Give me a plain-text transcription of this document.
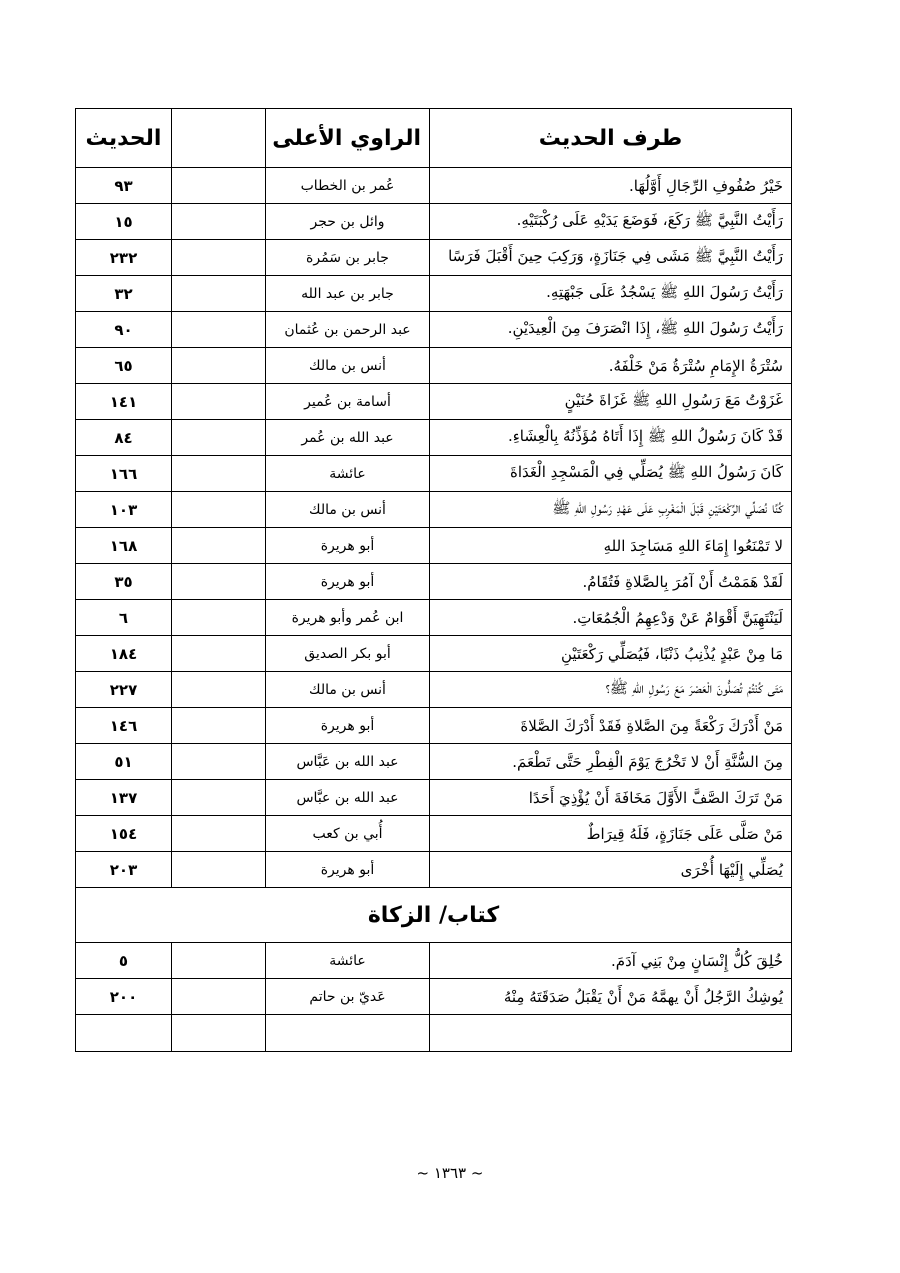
طرف الحديث	الراوي الأعلى		الحديث
خَيْرُ صُفُوفِ الرِّجَالِ أَوَّلُهَا.	عُمر بن الخطاب		٩٣
رَأَيْتُ النَّبِيَّ ﷺ رَكَعَ، فَوَضَعَ يَدَيْهِ عَلَى رُكْبَتَيْهِ.	وائل بن حجر		١٥
رَأَيْتُ النَّبِيَّ ﷺ مَشَى فِي جَنَازَةٍ، وَرَكِبَ حِينَ أَقْبَلَ فَرَسًا	جابر بن سَمُرة		٢٣٢
رَأَيْتُ رَسُولَ اللهِ ﷺ يَسْجُدُ عَلَى جَبْهَتِهِ.	جابر بن عبد الله		٣٢
رَأَيْتُ رَسُولَ اللهِ ﷺ، إِذَا انْصَرَفَ مِنَ الْعِيدَيْنِ.	عبد الرحمن بن عُثمان		٩٠
سُتْرَةُ الإِمَامِ سُتْرَةُ مَنْ خَلْفَهُ.	أنس بن مالك		٦٥
غَزَوْتُ مَعَ رَسُولِ اللهِ ﷺ غَزَاةَ حُنَيْنٍ	أسامة بن عُمير		١٤١
قَدْ كَانَ رَسُولُ اللهِ ﷺ إِذَا أَتَاهُ مُؤَذِّنُهُ بِالْعِشَاءِ.	عبد الله بن عُمر		٨٤
كَانَ رَسُولُ اللهِ ﷺ يُصَلِّي فِي الْمَسْجِدِ الْغَدَاةَ	عائشة		١٦٦
كُنَّا نُصَلِّي الرَّكْعَتَيْنِ قَبْلَ الْمَغْرِبِ عَلَى عَهْدِ رَسُولِ اللهِ ﷺ	أنس بن مالك		١٠٣
لا تَمْنَعُوا إِمَاءَ اللهِ مَسَاجِدَ اللهِ	أبو هريرة		١٦٨
لَقَدْ هَمَمْتُ أَنْ آمُرَ بِالصَّلاةِ فَتُقَامُ.	أبو هريرة		٣٥
لَيَنْتَهِيَنَّ أَقْوَامٌ عَنْ وَدْعِهِمُ الْجُمُعَاتِ.	ابن عُمر وأبو هريرة		٦
مَا مِنْ عَبْدٍ يُذْنِبُ ذَنْبًا، فَيُصَلِّي رَكْعَتَيْنِ	أبو بكر الصديق		١٨٤
مَتَى كُنْتُمْ تُصَلُّونَ الْعَصْرَ مَعَ رَسُولِ اللهِ ﷺ؟	أنس بن مالك		٢٢٧
مَنْ أَدْرَكَ رَكْعَةً مِنَ الصَّلاةِ فَقَدْ أَدْرَكَ الصَّلاةَ	أبو هريرة		١٤٦
مِنَ السُّنَّةِ أَنْ لا تَخْرُجَ يَوْمَ الْفِطْرِ حَتَّى تَطْعَمَ.	عبد الله بن عَبَّاس		٥١
مَنْ تَرَكَ الصَّفَّ الأَوَّلَ مَخَافَةَ أَنْ يُؤْذِيَ أَحَدًا	عبد الله بن عبَّاس		١٣٧
مَنْ صَلَّى عَلَى جَنَازَةٍ، فَلَهُ قِيرَاطٌ	أُبي بن كعب		١٥٤
يُصَلِّي إِلَيْهَا أُخْرَى	أبو هريرة		٢٠٣
كتاب/ الزكاة			
خُلِقَ كُلُّ إِنْسَانٍ مِنْ بَنِي آدَمَ.	عائشة		٥
يُوشِكُ الرَّجُلُ أَنْ يهمَّهُ مَنْ أَنْ يَقْبَلُ صَدَقَتَهُ مِنْهُ	عَديّ بن حاتم		٢٠٠

~ ١٣٦٣ ~
